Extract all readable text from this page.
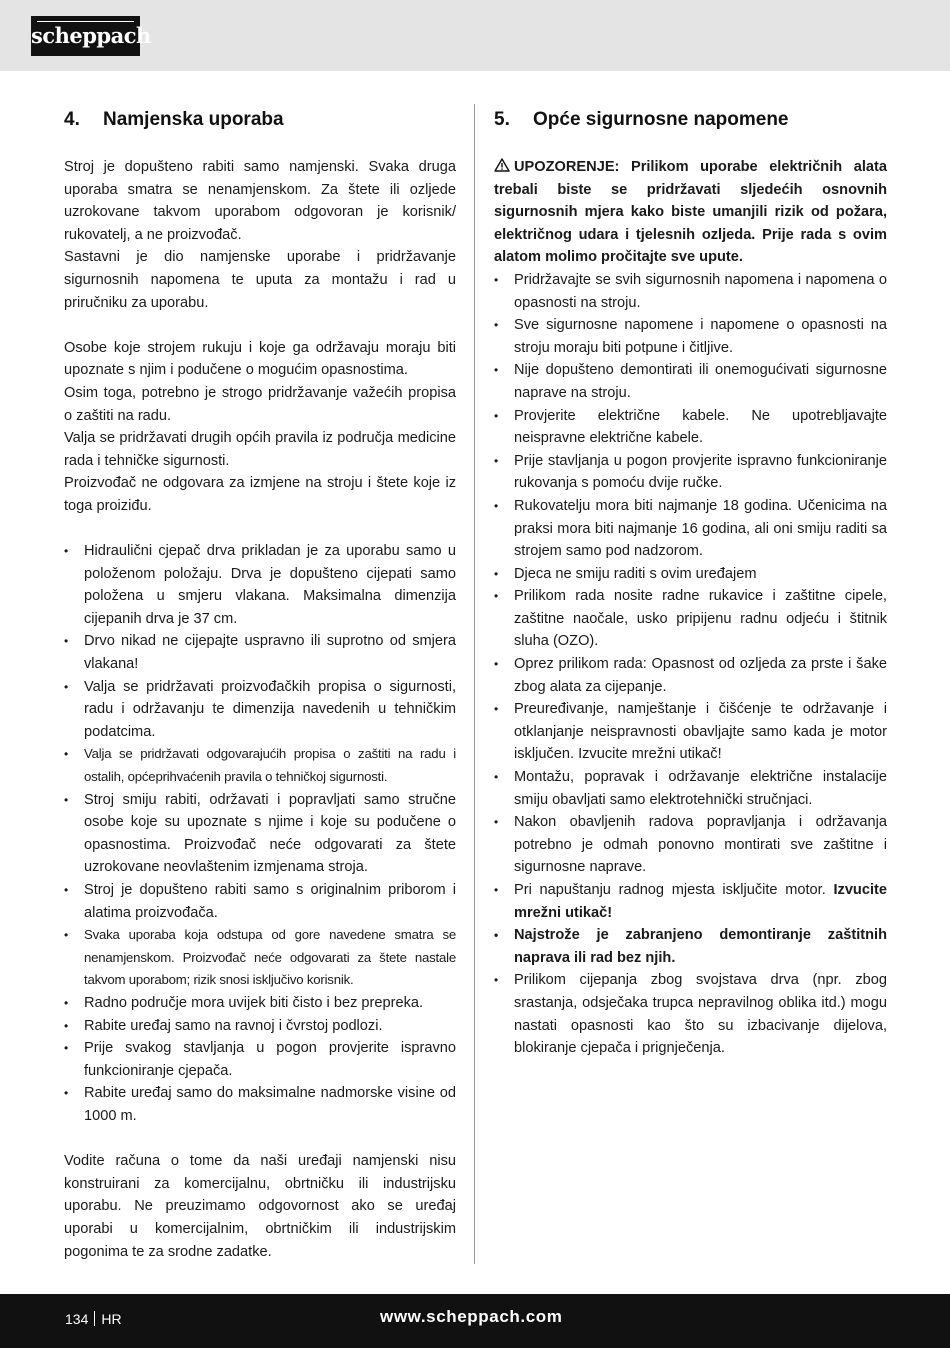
scheppach
4.	Namjenska uporaba

Stroj je dopušteno rabiti samo namjenski. Svaka druga uporaba smatra se nenamjenskom. Za štete ili ozljede uzrokovane takvom uporabom odgovoran je korisnik/ rukovatelj, a ne proizvođač.

Sastavni je dio namjenske uporabe i pridržavanje sigurnosnih napomena te uputa za montažu i rad u priručniku za uporabu.

Osobe koje strojem rukuju i koje ga održavaju moraju biti upoznate s njim i podučene o mogućim opasnostima.

Osim toga, potrebno je strogo pridržavanje važećih propisa o zaštiti na radu.

Valja se pridržavati drugih općih pravila iz područja medicine rada i tehničke sigurnosti.

Proizvođač ne odgovara za izmjene na stroju i štete koje iz toga proiziđu.

• Hidraulični cjepač drva prikladan je za uporabu samo u položenom položaju. Drva je dopušteno cijepati samo položena u smjeru vlakana. Maksimalna dimenzija cijepanih drva je 37 cm.
• Drvo nikad ne cijepajte uspravno ili suprotno od smjera vlakana!
• Valja se pridržavati proizvođačkih propisa o sigurnosti, radu i održavanju te dimenzija navedenih u tehničkim podatcima.
• Valja se pridržavati odgovarajućih propisa o zaštiti na radu i ostalih, općeprihvaćenih pravila o tehničkoj sigurnosti.
• Stroj smiju rabiti, održavati i popravljati samo stručne osobe koje su upoznate s njime i koje su podučene o opasnostima. Proizvođač neće odgovarati za štete uzrokovane neovlaštenim izmjenama stroja.
• Stroj je dopušteno rabiti samo s originalnim priborom i alatima proizvođača.
• Svaka uporaba koja odstupa od gore navedene smatra se nenamjenskom. Proizvođač neće odgovarati za štete nastale takvom uporabom; rizik snosi isključivo korisnik.
• Radno područje mora uvijek biti čisto i bez prepreka.
• Rabite uređaj samo na ravnoj i čvrstoj podlozi.
• Prije svakog stavljanja u pogon provjerite ispravno funkcioniranje cjepača.
• Rabite uređaj samo do maksimalne nadmorske visine od 1000 m.

Vodite računa o tome da naši uređaji namjenski nisu konstruirani za komercijalnu, obrtničku ili industrijsku uporabu. Ne preuzimamo odgovornost ako se uređaj uporabi u komercijalnim, obrtničkim ili industrijskim pogonima te za srodne zadatke.

5.	Opće sigurnosne napomene

UPOZORENJE: Prilikom uporabe električnih alata trebali biste se pridržavati sljedećih osnovnih sigurnosnih mjera kako biste umanjili rizik od požara, električnog udara i tjelesnih ozljeda. Prije rada s ovim alatom molimo pročitajte sve upute.

• Pridržavajte se svih sigurnosnih napomena i napomena o opasnosti na stroju.
• Sve sigurnosne napomene i napomene o opasnosti na stroju moraju biti potpune i čitljive.
• Nije dopušteno demontirati ili onemogućivati sigurnosne naprave na stroju.
• Provjerite električne kabele. Ne upotrebljavajte neispravne električne kabele.
• Prije stavljanja u pogon provjerite ispravno funkcioniranje rukovanja s pomoću dvije ručke.
• Rukovatelju mora biti najmanje 18 godina. Učenicima na praksi mora biti najmanje 16 godina, ali oni smiju raditi sa strojem samo pod nadzorom.
• Djeca ne smiju raditi s ovim uređajem
• Prilikom rada nosite radne rukavice i zaštitne cipele, zaštitne naočale, usko pripijenu radnu odjeću i štitnik sluha (OZO).
• Oprez prilikom rada: Opasnost od ozljeda za prste i šake zbog alata za cijepanje.
• Preuređivanje, namještanje i čišćenje te održavanje i otklanjanje neispravnosti obavljajte samo kada je motor isključen. Izvucite mrežni utikač!
• Montažu, popravak i održavanje električne instalacije smiju obavljati samo elektrotehnički stručnjaci.
• Nakon obavljenih radova popravljanja i održavanja potrebno je odmah ponovno montirati sve zaštitne i sigurnosne naprave.
• Pri napuštanju radnog mjesta isključite motor. Izvucite mrežni utikač!
• Najstrože je zabranjeno demontiranje zaštitnih naprava ili rad bez njih.
• Prilikom cijepanja zbog svojstava drva (npr. zbog srastanja, odsječaka trupca nepravilnog oblika itd.) mogu nastati opasnosti kao što su izbacivanje dijelova, blokiranje cjepača i prignječenja.
134 HR	www.scheppach.com
